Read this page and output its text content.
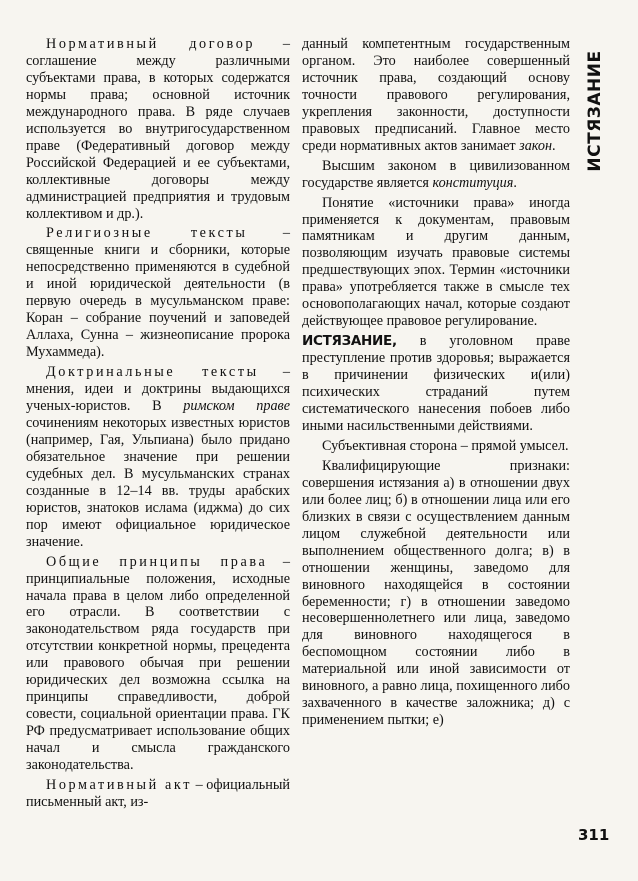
Нормативный договор – соглашение между различными субъектами права, в которых содержатся нормы права; основной источник международного права. В ряде случаев используется во внутригосударственном праве (Федеративный договор между Российской Федерацией и ее субъектами, коллективные договоры между администрацией предприятия и трудовым коллективом и др.).

Религиозные тексты – священные книги и сборники, которые непосредственно применяются в судебной и иной юридической деятельности (в первую очередь в мусульманском праве: Коран – собрание поучений и заповедей Аллаха, Сунна – жизнеописание пророка Мухаммеда).

Доктринальные тексты – мнения, идеи и доктрины выдающихся ученых-юристов. В римском праве сочинениям некоторых известных юристов (например, Гая, Ульпиана) было придано обязательное значение при решении судебных дел. В мусульманских странах созданные в 12–14 вв. труды арабских юристов, знатоков ислама (иджма) до сих пор имеют официальное юридическое значение.

Общие принципы права – принципиальные положения, исходные начала права в целом либо определенной его отрасли. В соответствии с законодательством ряда государств при отсутствии конкретной нормы, прецедента или правового обычая при решении юридических дел возможна ссылка на принципы справедливости, доброй совести, социальной ориентации права. ГК РФ предусматривает использование общих начал и смысла гражданского законодательства.

Нормативный акт – официальный письменный акт, из-

данный компетентным государственным органом. Это наиболее совершенный источник права, создающий основу точности правового регулирования, укрепления законности, доступности правовых предписаний. Главное место среди нормативных актов занимает закон.

Высшим законом в цивилизованном государстве является конституция.

Понятие «источники права» иногда применяется к документам, правовым памятникам и другим данным, позволяющим изучать правовые системы предшествующих эпох. Термин «источники права» употребляется также в смысле тех основополагающих начал, которые создают действующее правовое регулирование.

ИСТЯЗАНИЕ, в уголовном праве преступление против здоровья; выражается в причинении физических и(или) психических страданий путем систематического нанесения побоев либо иными насильственными действиями.

Субъективная сторона – прямой умысел.

Квалифицирующие признаки: совершения истязания а) в отношении двух или более лиц; б) в отношении лица или его близких в связи с осуществлением данным лицом служебной деятельности или выполнением общественного долга; в) в отношении женщины, заведомо для виновного находящейся в состоянии беременности; г) в отношении заведомо несовершеннолетнего или лица, заведомо для виновного находящегося в беспомощном состоянии либо в материальной или иной зависимости от виновного, а равно лица, похищенного либо захваченного в качестве заложника; д) с применением пытки; е)

ИСТЯЗАНИЕ
311
